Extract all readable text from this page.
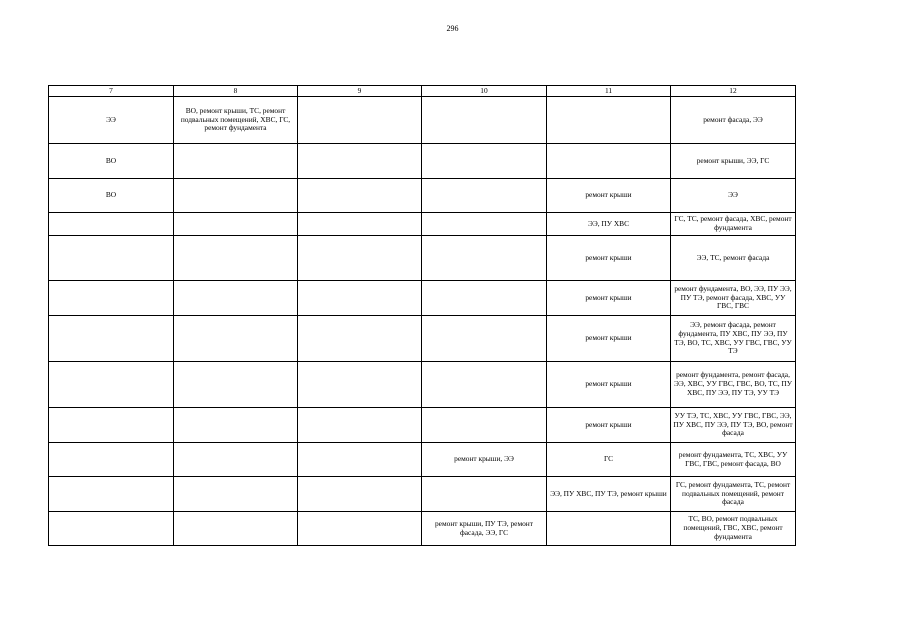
296
7	8	9	10	11	12
ЭЭ	ВО, ремонт крыши, ТС, ремонт подвальных помещений, ХВС, ГС, ремонт фундамента				ремонт фасада, ЭЭ
ВО					ремонт крыши, ЭЭ, ГС
ВО				ремонт крыши	ЭЭ
				ЭЭ, ПУ ХВС	ГС, ТС, ремонт фасада, ХВС, ремонт фундамента
				ремонт крыши	ЭЭ, ТС, ремонт фасада
				ремонт крыши	ремонт фундамента, ВО, ЭЭ, ПУ ЭЭ, ПУ ТЭ, ремонт фасада, ХВС, УУ ГВС, ГВС
				ремонт крыши	ЭЭ, ремонт фасада, ремонт фундамента, ПУ ХВС, ПУ ЭЭ, ПУ ТЭ, ВО, ТС, ХВС, УУ ГВС, ГВС, УУ ТЭ
				ремонт крыши	ремонт фундамента, ремонт фасада, ЭЭ, ХВС, УУ ГВС, ГВС, ВО, ТС, ПУ ХВС, ПУ ЭЭ, ПУ ТЭ, УУ ТЭ
				ремонт крыши	УУ ТЭ, ТС, ХВС, УУ ГВС, ГВС, ЭЭ, ПУ ХВС, ПУ ЭЭ, ПУ ТЭ, ВО, ремонт фасада
			ремонт крыши, ЭЭ	ГС	ремонт фундамента, ТС, ХВС, УУ ГВС, ГВС, ремонт фасада, ВО
				ЭЭ, ПУ ХВС, ПУ ТЭ, ремонт крыши	ГС, ремонт фундамента, ТС, ремонт подвальных помещений, ремонт фасада
			ремонт крыши, ПУ ТЭ, ремонт фасада, ЭЭ, ГС		ТС, ВО, ремонт подвальных помещений, ГВС, ХВС, ремонт фундамента
